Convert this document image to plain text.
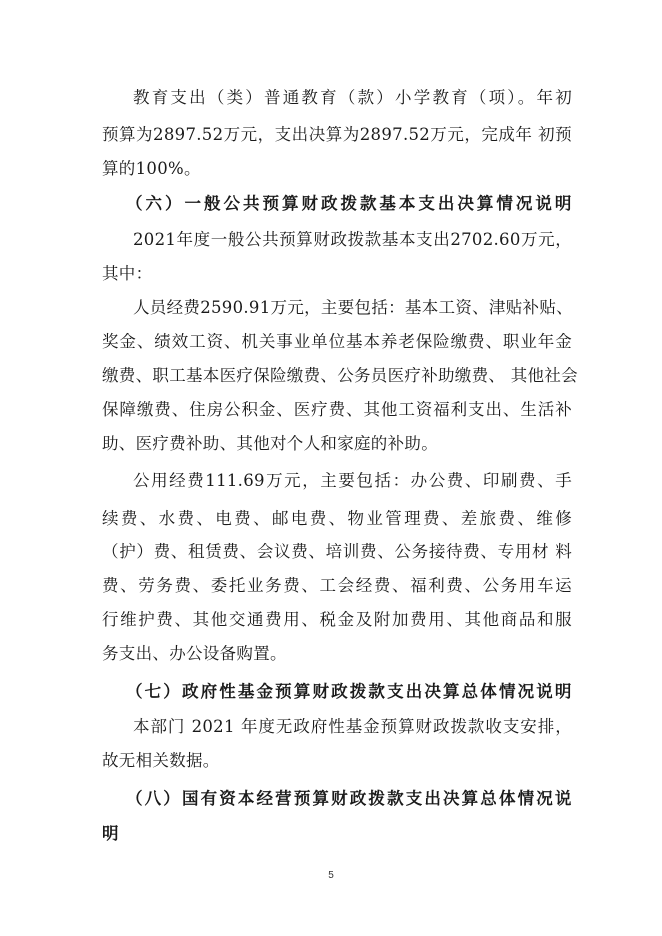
教育支出（类）普通教育（款）小学教育（项）。年初
预算为2897.52万元，支出决算为2897.52万元，完成年 初预
算的100%。
（六）一般公共预算财政拨款基本支出决算情况说明
2021年度一般公共预算财政拨款基本支出2702.60万元，
其中：
人员经费2590.91万元，主要包括：基本工资、津贴补贴、
奖金、绩效工资、机关事业单位基本养老保险缴费、职业年金
缴费、职工基本医疗保险缴费、公务员医疗补助缴费、 其他社会
保障缴费、住房公积金、医疗费、其他工资福利支出、生活补
助、医疗费补助、其他对个人和家庭的补助。
公用经费111.69万元，主要包括：办公费、印刷费、手
续费、水费、电费、邮电费、物业管理费、差旅费、维修
（护）费、租赁费、会议费、培训费、公务接待费、专用材 料
费、劳务费、委托业务费、工会经费、福利费、公务用车运
行维护费、其他交通费用、税金及附加费用、其他商品和服
务支出、办公设备购置。
（七）政府性基金预算财政拨款支出决算总体情况说明
本部门 2021 年度无政府性基金预算财政拨款收支安排，
故无相关数据。
（八）国有资本经营预算财政拨款支出决算总体情况说
明
5
